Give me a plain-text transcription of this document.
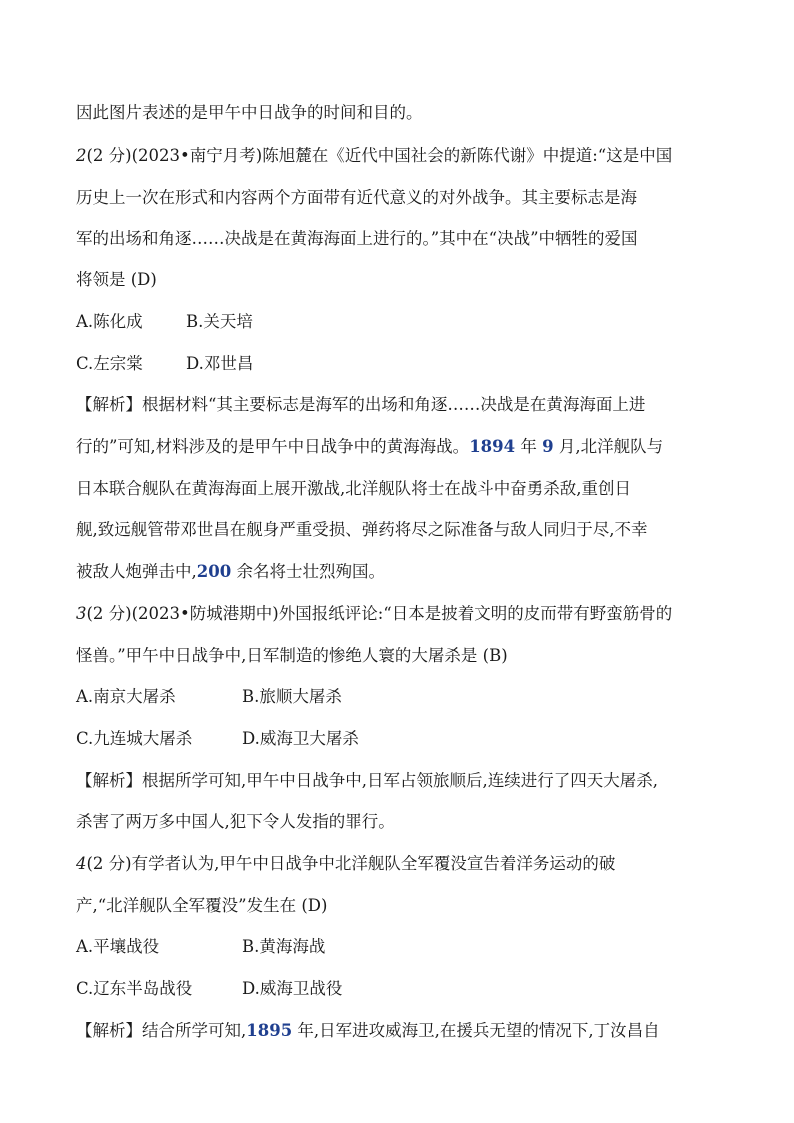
因此图片表述的是甲午中日战争的时间和目的。
2(2 分)(2023•南宁月考)陈旭麓在《近代中国社会的新陈代谢》中提道:“这是中国
历史上一次在形式和内容两个方面带有近代意义的对外战争。其主要标志是海
军的出场和角逐……决战是在黄海海面上进行的。”其中在“决战”中牺牲的爱国
将领是 (D)
A.陈化成	B.关天培
C.左宗棠	D.邓世昌
【解析】根据材料“其主要标志是海军的出场和角逐……决战是在黄海海面上进
行的”可知,材料涉及的是甲午中日战争中的黄海海战。1894 年 9 月,北洋舰队与
日本联合舰队在黄海海面上展开激战,北洋舰队将士在战斗中奋勇杀敌,重创日
舰,致远舰管带邓世昌在舰身严重受损、弹药将尽之际准备与敌人同归于尽,不幸
被敌人炮弹击中,200 余名将士壮烈殉国。
3(2 分)(2023•防城港期中)外国报纸评论:“日本是披着文明的皮而带有野蛮筋骨的
怪兽。”甲午中日战争中,日军制造的惨绝人寰的大屠杀是 (B)
A.南京大屠杀	B.旅顺大屠杀
C.九连城大屠杀	D.威海卫大屠杀
【解析】根据所学可知,甲午中日战争中,日军占领旅顺后,连续进行了四天大屠杀,
杀害了两万多中国人,犯下令人发指的罪行。
4(2 分)有学者认为,甲午中日战争中北洋舰队全军覆没宣告着洋务运动的破
产,“北洋舰队全军覆没”发生在 (D)
A.平壤战役	B.黄海海战
C.辽东半岛战役	D.威海卫战役
【解析】结合所学可知,1895 年,日军进攻威海卫,在援兵无望的情况下,丁汝昌自
